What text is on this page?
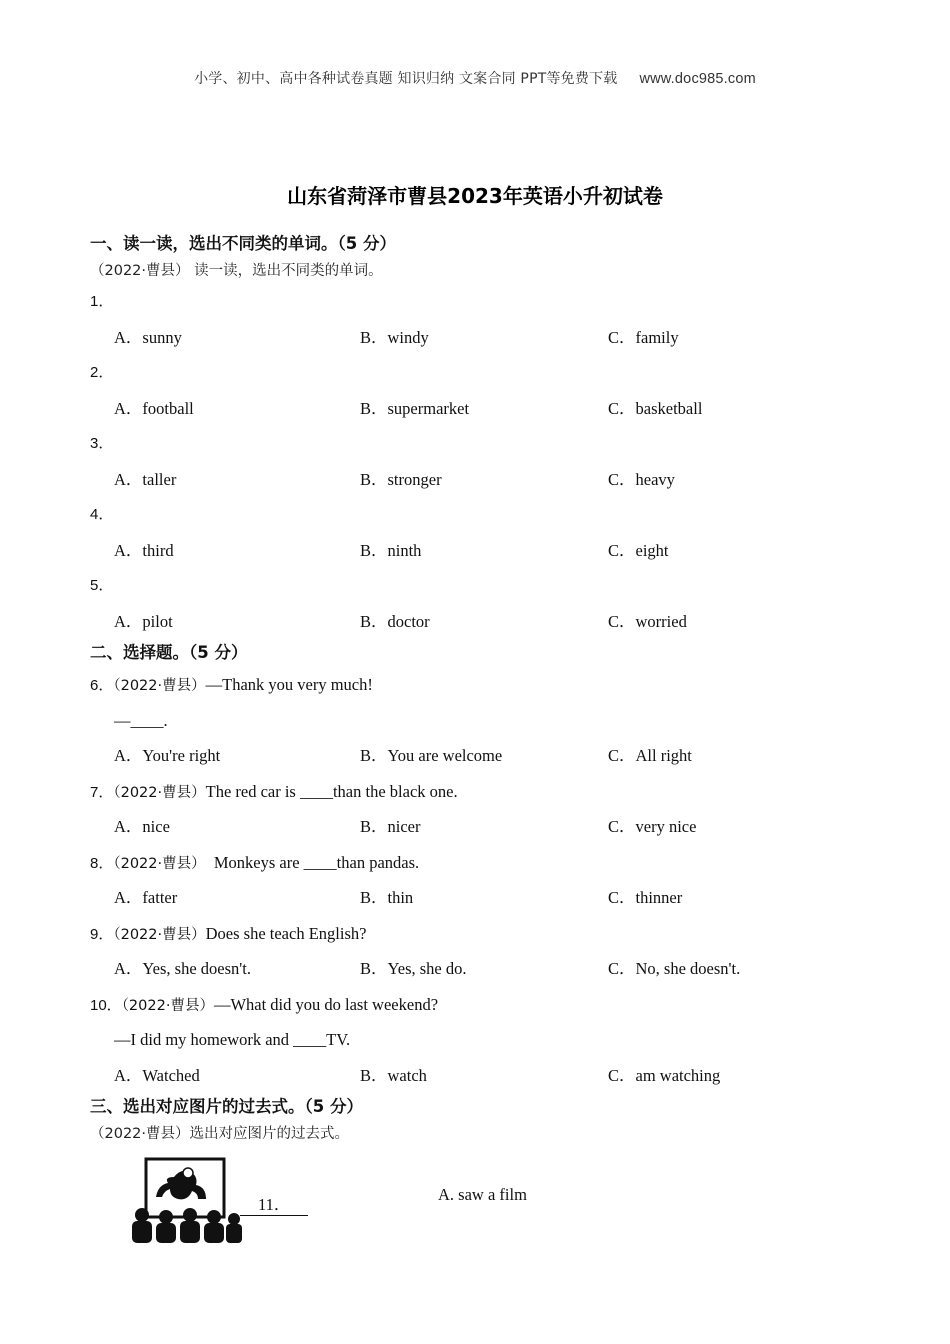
小学、初中、高中各种试卷真题 知识归纳 文案合同 PPT等免费下载 www.doc985.com
山东省菏泽市曹县2023年英语小升初试卷
一、读一读，选出不同类的单词。（5 分）
（2022·曹县） 读一读，选出不同类的单词。
1．
A．sunny	B．windy	C．family
2．
A．football	B．supermarket	C．basketball
3．
A．taller	B．stronger	C．heavy
4．
A．third	B．ninth	C．eight
5．
A．pilot	B．doctor	C．worried
二、选择题。（5 分）
6．（2022·曹县）—Thank you very much!
—____.
A．You're right	B．You are welcome	C．All right
7．（2022·曹县）The red car is ____than the black one.
A．nice	B．nicer	C．very nice
8．（2022·曹县）  Monkeys are ____than pandas.
A．fatter	B．thin	C．thinner
9．（2022·曹县）Does she teach English?
A．Yes, she doesn't.	B．Yes, she do.	C．No, she doesn't.
10．（2022·曹县）—What did you do last weekend?
—I did my homework and ____TV.
A．Watched	B．watch	C．am watching
三、选出对应图片的过去式。（5 分）
（2022·曹县）选出对应图片的过去式。
11．
A. saw a film
